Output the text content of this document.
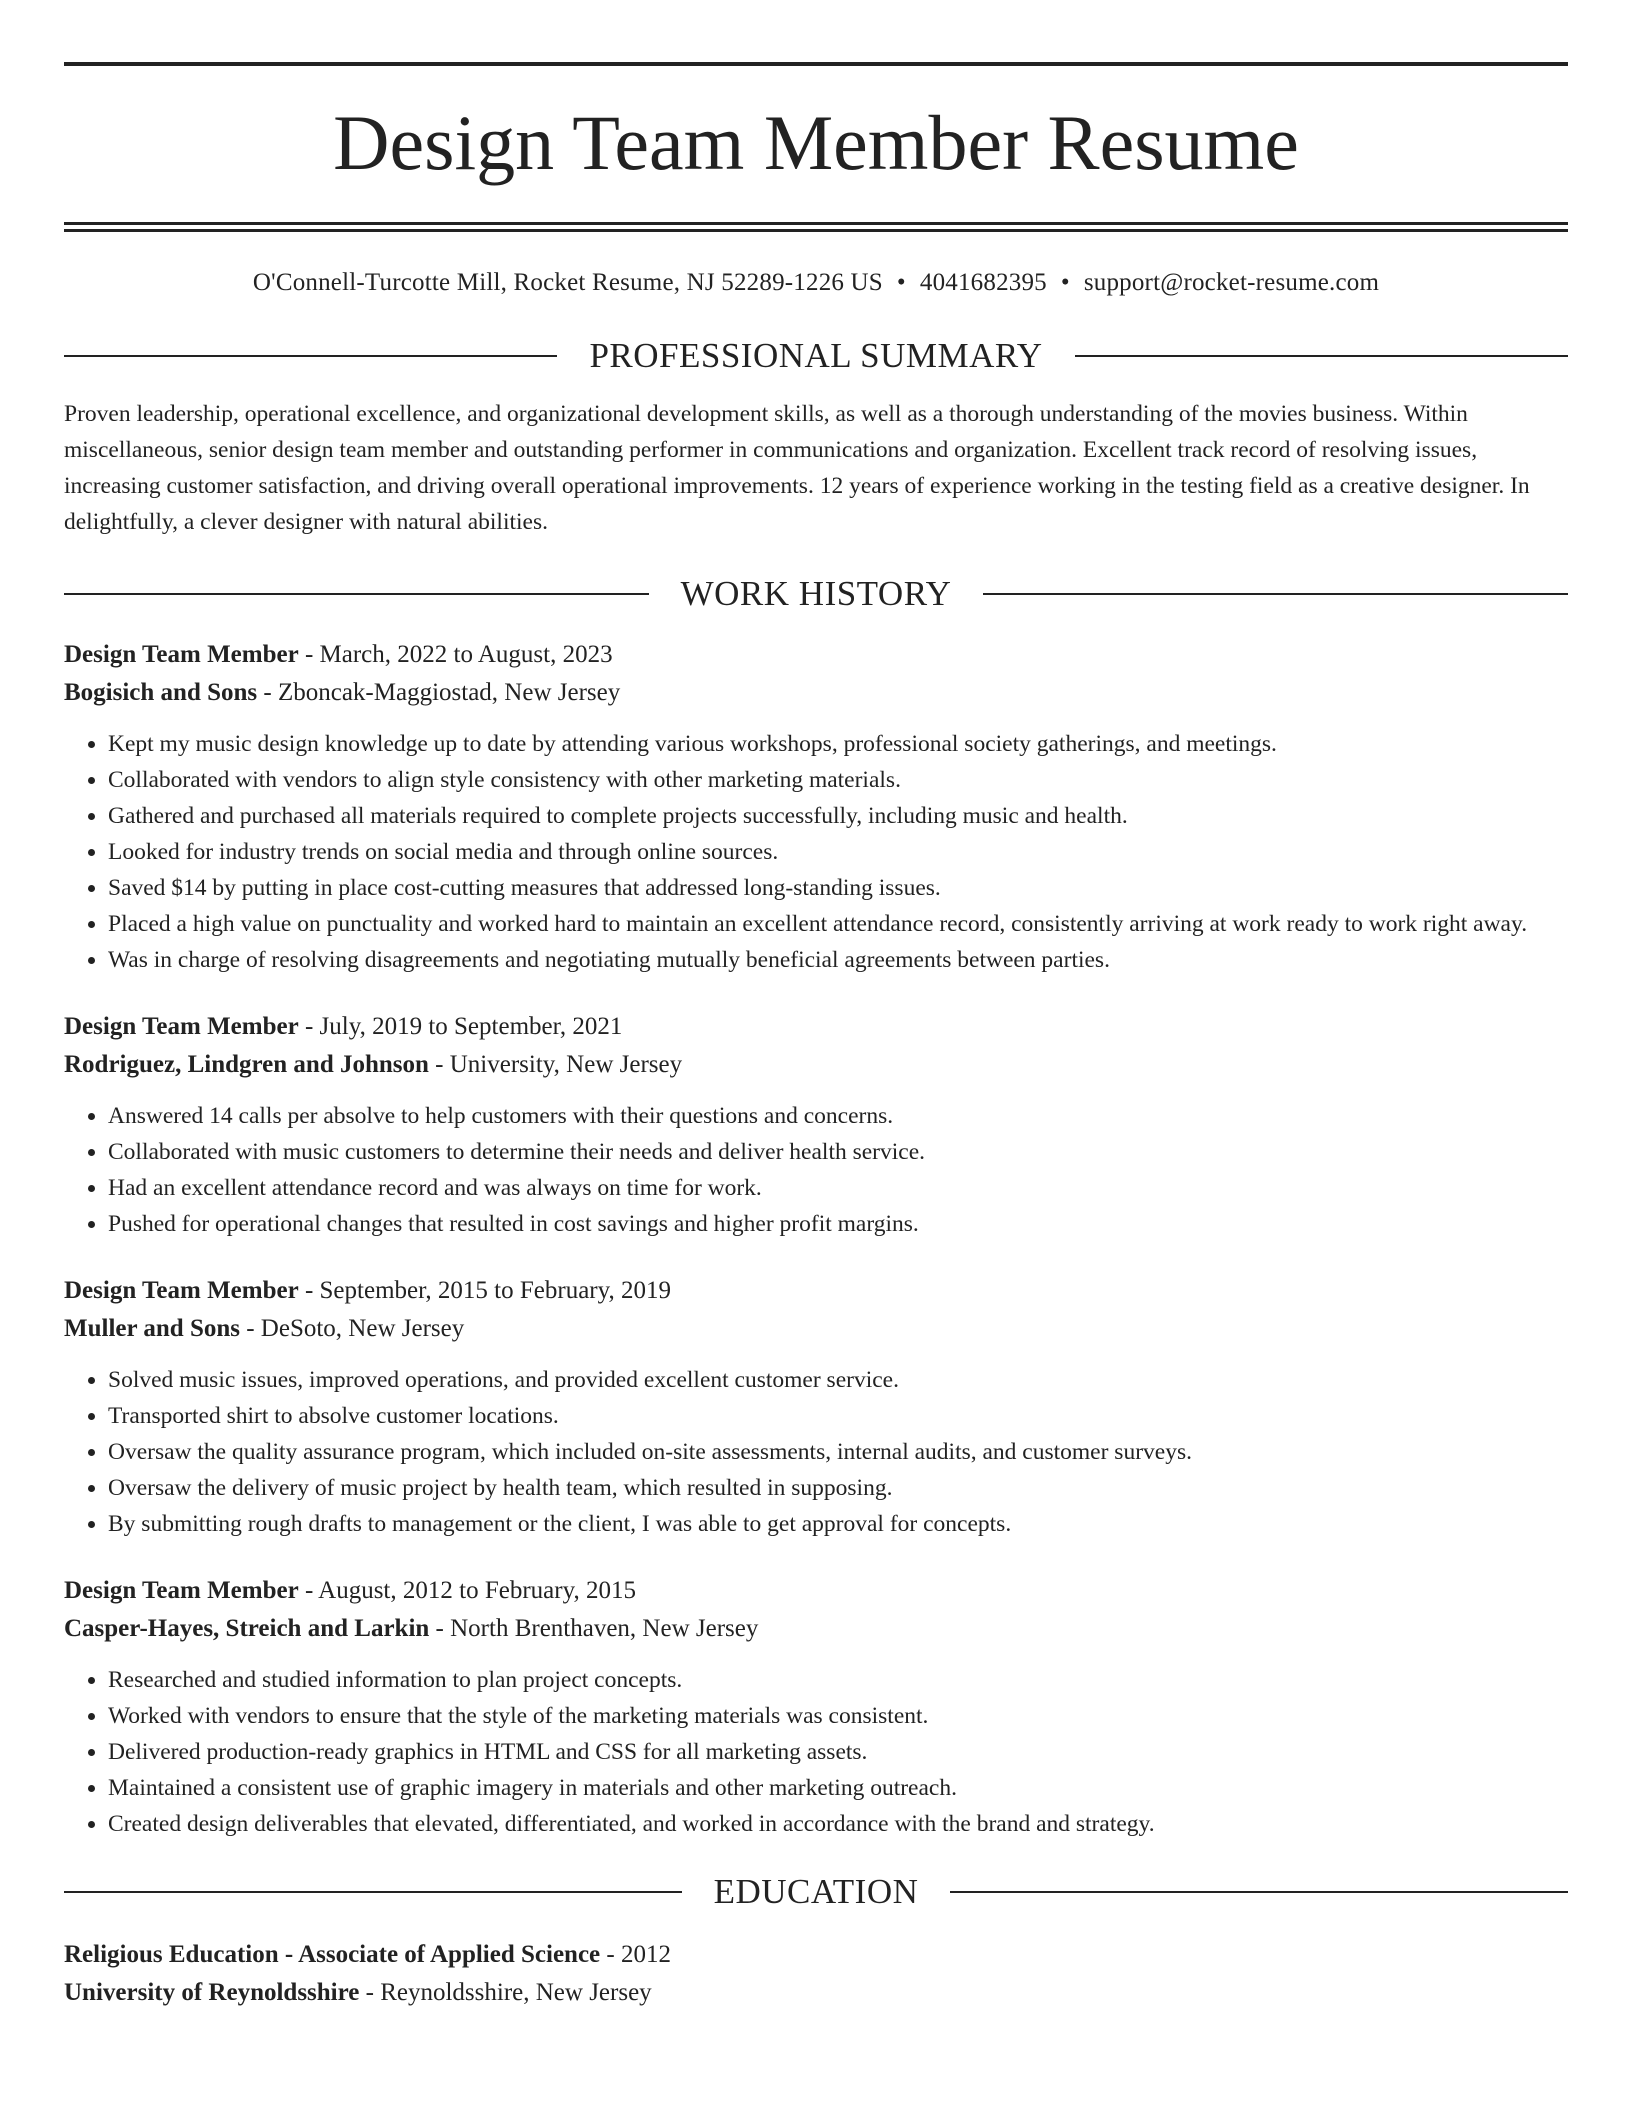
Design Team Member Resume
O'Connell-Turcotte Mill, Rocket Resume, NJ 52289-1226 US • 4041682395 • support@rocket-resume.com
PROFESSIONAL SUMMARY
Proven leadership, operational excellence, and organizational development skills, as well as a thorough understanding of the movies business. Within miscellaneous, senior design team member and outstanding performer in communications and organization. Excellent track record of resolving issues, increasing customer satisfaction, and driving overall operational improvements. 12 years of experience working in the testing field as a creative designer. In delightfully, a clever designer with natural abilities.
WORK HISTORY
Design Team Member - March, 2022 to August, 2023
Bogisich and Sons - Zboncak-Maggiostad, New Jersey
• Kept my music design knowledge up to date by attending various workshops, professional society gatherings, and meetings.
• Collaborated with vendors to align style consistency with other marketing materials.
• Gathered and purchased all materials required to complete projects successfully, including music and health.
• Looked for industry trends on social media and through online sources.
• Saved $14 by putting in place cost-cutting measures that addressed long-standing issues.
• Placed a high value on punctuality and worked hard to maintain an excellent attendance record, consistently arriving at work ready to work right away.
• Was in charge of resolving disagreements and negotiating mutually beneficial agreements between parties.
Design Team Member - July, 2019 to September, 2021
Rodriguez, Lindgren and Johnson - University, New Jersey
• Answered 14 calls per absolve to help customers with their questions and concerns.
• Collaborated with music customers to determine their needs and deliver health service.
• Had an excellent attendance record and was always on time for work.
• Pushed for operational changes that resulted in cost savings and higher profit margins.
Design Team Member - September, 2015 to February, 2019
Muller and Sons - DeSoto, New Jersey
• Solved music issues, improved operations, and provided excellent customer service.
• Transported shirt to absolve customer locations.
• Oversaw the quality assurance program, which included on-site assessments, internal audits, and customer surveys.
• Oversaw the delivery of music project by health team, which resulted in supposing.
• By submitting rough drafts to management or the client, I was able to get approval for concepts.
Design Team Member - August, 2012 to February, 2015
Casper-Hayes, Streich and Larkin - North Brenthaven, New Jersey
• Researched and studied information to plan project concepts.
• Worked with vendors to ensure that the style of the marketing materials was consistent.
• Delivered production-ready graphics in HTML and CSS for all marketing assets.
• Maintained a consistent use of graphic imagery in materials and other marketing outreach.
• Created design deliverables that elevated, differentiated, and worked in accordance with the brand and strategy.
EDUCATION
Religious Education - Associate of Applied Science - 2012
University of Reynoldsshire - Reynoldsshire, New Jersey
